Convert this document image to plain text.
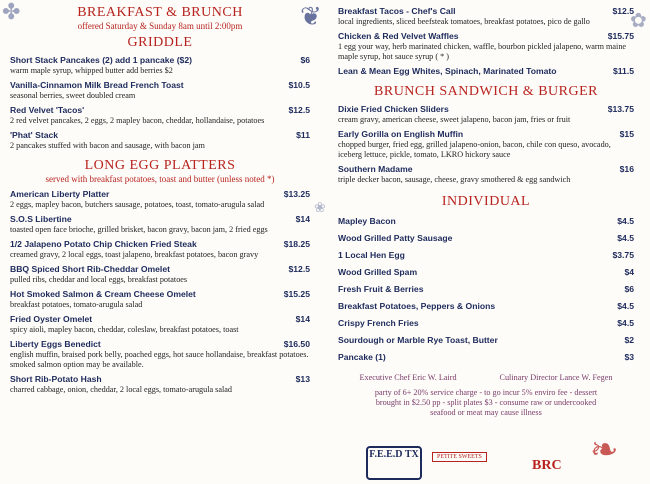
✤	❦	✿
❀
BREAKFAST & BRUNCH
offered Saturday & Sunday 8am until 2:00pm
GRIDDLE
Short Stack Pancakes (2) add 1 pancake ($2)	$6
warm maple syrup, whipped butter add berries $2
Vanilla-Cinnamon Milk Bread French Toast	$10.5
seasonal berries, sweet doubled cream
Red Velvet 'Tacos'	$12.5
2 red velvet pancakes, 2 eggs, 2 mapley bacon, cheddar, hollandaise, potatoes
'Phat' Stack	$11
2 pancakes stuffed with bacon and sausage, with bacon jam
LONG EGG PLATTERS
served with breakfast potatoes, toast and butter (unless noted *)
American Liberty Platter	$13.25
2 eggs, mapley bacon, butchers sausage, potatoes, toast, tomato-arugula salad
S.O.S Libertine	$14
toasted open face brioche, grilled brisket, bacon gravy, bacon jam, 2 fried eggs
1/2 Jalapeno Potato Chip Chicken Fried Steak	$18.25
creamed gravy, 2 local eggs, toast jalapeno, breakfast potatoes, bacon gravy
BBQ Spiced Short Rib-Cheddar Omelet	$12.5
pulled ribs, cheddar and local eggs, breakfast potatoes
Hot Smoked Salmon & Cream Cheese Omelet	$15.25
breakfast potatoes, tomato-arugula salad
Fried Oyster Omelet	$14
spicy aioli, mapley bacon, cheddar, coleslaw, breakfast potatoes, toast
Liberty Eggs Benedict	$16.50
english muffin, braised pork belly, poached eggs, hot sauce hollandaise, breakfast potatoes. smoked salmon option may be available.
Short Rib-Potato Hash	$13
charred cabbage, onion, cheddar, 2 local eggs, tomato-arugula salad
Breakfast Tacos - Chef's Call	$12.5
local ingredients, sliced beefsteak tomatoes, breakfast potatoes, pico de gallo
Chicken & Red Velvet Waffles	$15.75
1 egg your way, herb marinated chicken, waffle, bourbon pickled jalapeno, warm maine maple syrup, hot sauce syrup ( * )
Lean & Mean Egg Whites, Spinach, Marinated Tomato	$11.5
BRUNCH SANDWICH & BURGER
Dixie Fried Chicken Sliders	$13.75
cream gravy, american cheese, sweet jalapeno, bacon jam, fries or fruit
Early Gorilla on English Muffin	$15
chopped burger, fried egg, grilled jalapeno-onion, bacon, chile con queso, avocado, iceberg lettuce, pickle, tomato, LKRO hickory sauce
Southern Madame	$16
triple decker bacon, sausage, cheese, gravy smothered & egg sandwich
INDIVIDUAL
Mapley Bacon	$4.5
Wood Grilled Patty Sausage	$4.5
1 Local Hen Egg	$3.75
Wood Grilled Spam	$4
Fresh Fruit & Berries	$6
Breakfast Potatoes, Peppers & Onions	$4.5
Crispy French Fries	$4.5
Sourdough or Marble Rye Toast, Butter	$2
Pancake (1)	$3
Executive Chef Eric W. Laird	Culinary Director Lance W. Fegen
party of 6+ 20% service charge - to go incur 5% enviro fee - dessert
brought in $2.50 pp - split plates $3 - consume raw or undercooked
seafood or meat may cause illness
F.E.E.D TX	PETITE SWEETS
BRC ❧
